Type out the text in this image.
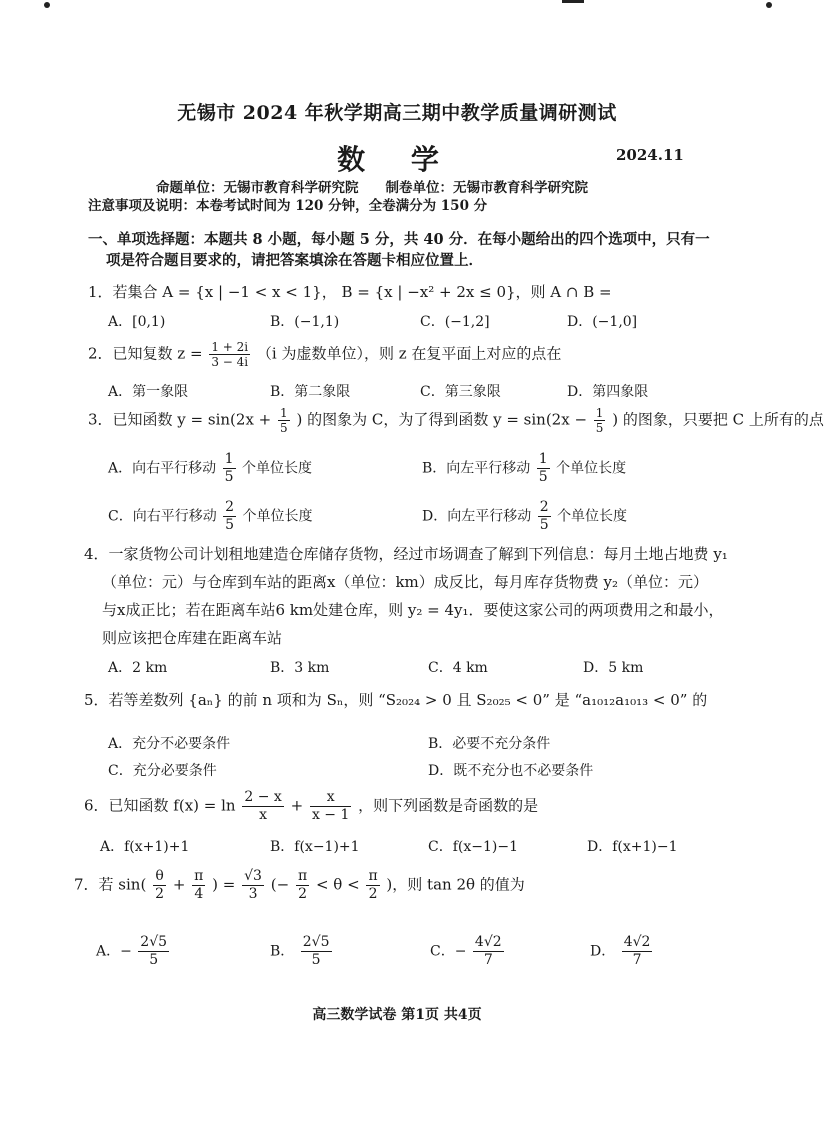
无锡市 2024 年秋学期高三期中教学质量调研测试
数 学	2024.11
命题单位：无锡市教育科学研究院　　制卷单位：无锡市教育科学研究院
注意事项及说明：本卷考试时间为 120 分钟，全卷满分为 150 分
一、单项选择题：本题共 8 小题，每小题 5 分，共 40 分．在每小题给出的四个选项中，只有一
项是符合题目要求的，请把答案填涂在答题卡相应位置上．
1．若集合 A = {x | −1 < x < 1}， B = {x | −x² + 2x ≤ 0}，则 A ∩ B =
A．[0,1)	B．(−1,1)	C．(−1,2]	D．(−1,0]
2．已知复数 $z = \frac{1 + 2i}{3 - 4i} (i$ 为虚数单位），则 z 在复平面上对应的点在
A．第一象限	B．第二象限	C．第三象限	D．第四象限
3．已知函数 $y = \sin(2x + \frac{1}{5}$ ) 的图象为 C，为了得到函数 $y = \sin(2x - \frac{1}{5}$ ) 的图象，只要把 C 上所有的点
A．向右平行移动 $\frac{1}{5}$ 个单位长度	B．向左平行移动 $\frac{1}{5}$ 个单位长度
C．向右平行移动 $\frac{2}{5}$ 个单位长度	D．向左平行移动 $\frac{2}{5}$ 个单位长度
4．一家货物公司计划租地建造仓库储存货物，经过市场调查了解到下列信息：每月土地占地费 y₁
（单位：元）与仓库到车站的距离x（单位：km）成反比，每月库存货物费 y₂（单位：元）
与x成正比；若在距离车站6 km处建仓库，则 y₂ = 4y₁．要使这家公司的两项费用之和最小，
则应该把仓库建在距离车站
A．2 km	B．3 km	C．4 km	D．5 km
5．若等差数列 {aₙ} 的前 n 项和为 Sₙ，则 “S₂₀₂₄ > 0 且 S₂₀₂₅ < 0” 是 “a₁₀₁₂a₁₀₁₃ < 0” 的
A．充分不必要条件	B．必要不充分条件
C．充分必要条件	D．既不充分也不必要条件
6．已知函数 $f(x) = \ln \frac{2 - x}{x} + \frac{x}{x - 1}$ ，则下列函数是奇函数的是
A．f(x+1)+1	B．f(x−1)+1	C．f(x−1)−1	D．f(x+1)−1
7．若 $\sin( \frac{\theta}{2} + \frac{\pi}{4}$ ) = $\frac{√3}{3}$ (− $\frac{\pi}{2} < \theta < \frac{\pi}{2}$ )，则 tan 2θ 的值为
A．− $\frac{2√5}{5}$	B． $\frac{2√5}{5}$	C．− $\frac{4√2}{7}$	D． $\frac{4√2}{7}$
高三数学试卷 第1页 共4页
